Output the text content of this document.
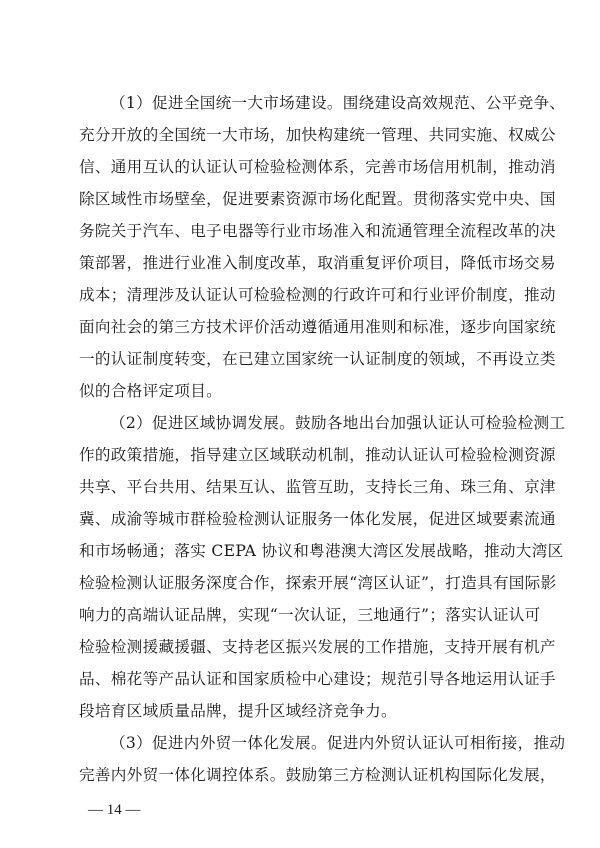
（1）促进全国统一大市场建设。围绕建设高效规范、公平竞争、
充分开放的全国统一大市场，加快构建统一管理、共同实施、权威公
信、通用互认的认证认可检验检测体系，完善市场信用机制，推动消
除区域性市场壁垒，促进要素资源市场化配置。贯彻落实党中央、国
务院关于汽车、电子电器等行业市场准入和流通管理全流程改革的决
策部署，推进行业准入制度改革，取消重复评价项目，降低市场交易
成本；清理涉及认证认可检验检测的行政许可和行业评价制度，推动
面向社会的第三方技术评价活动遵循通用准则和标准，逐步向国家统
一的认证制度转变，在已建立国家统一认证制度的领域，不再设立类
似的合格评定项目。
（2）促进区域协调发展。鼓励各地出台加强认证认可检验检测工
作的政策措施，指导建立区域联动机制，推动认证认可检验检测资源
共享、平台共用、结果互认、监管互助，支持长三角、珠三角、京津
冀、成渝等城市群检验检测认证服务一体化发展，促进区域要素流通
和市场畅通；落实 CEPA 协议和粤港澳大湾区发展战略，推动大湾区
检验检测认证服务深度合作，探索开展“湾区认证”，打造具有国际影
响力的高端认证品牌，实现“一次认证，三地通行”；落实认证认可
检验检测援藏援疆、支持老区振兴发展的工作措施，支持开展有机产
品、棉花等产品认证和国家质检中心建设；规范引导各地运用认证手
段培育区域质量品牌，提升区域经济竞争力。
（3）促进内外贸一体化发展。促进内外贸认证认可相衔接，推动
完善内外贸一体化调控体系。鼓励第三方检测认证机构国际化发展，
— 14 —
